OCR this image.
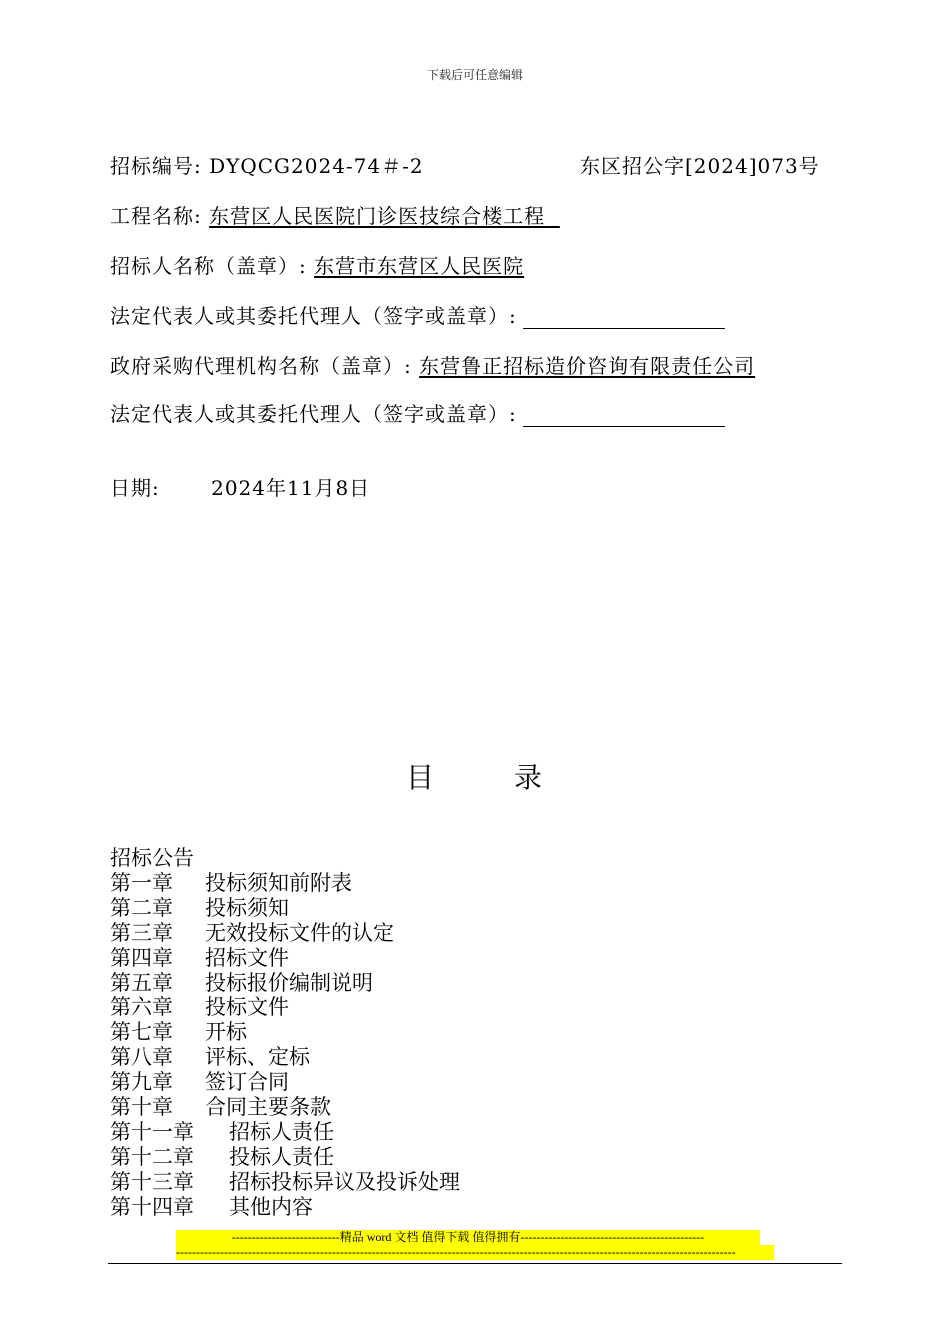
下载后可任意编辑
招标编号: DYQCG2024-74＃-2	东区招公字[2024]073号
工程名称: 东营区人民医院门诊医技综合楼工程
招标人名称（盖章）: 东营市东营区人民医院
法定代表人或其委托代理人（签字或盖章）:
政府采购代理机构名称（盖章）: 东营鲁正招标造价咨询有限责任公司
法定代表人或其委托代理人（签字或盖章）:
日期:	2024年11月8日
目	录
招标公告
第一章 投标须知前附表
第二章 投标须知
第三章 无效投标文件的认定
第四章 招标文件
第五章 投标报价编制说明
第六章 投标文件
第七章 开标
第八章 评标、定标
第九章 签订合同
第十章 合同主要条款
第十一章 招标人责任
第十二章 投标人责任
第十三章 招标投标异议及投诉处理
第十四章 其他内容
---------------------------精品 word 文档 值得下载 值得拥有----------------------------------------------
--------------------------------------------------------------------------------------------------------------------------------------------
